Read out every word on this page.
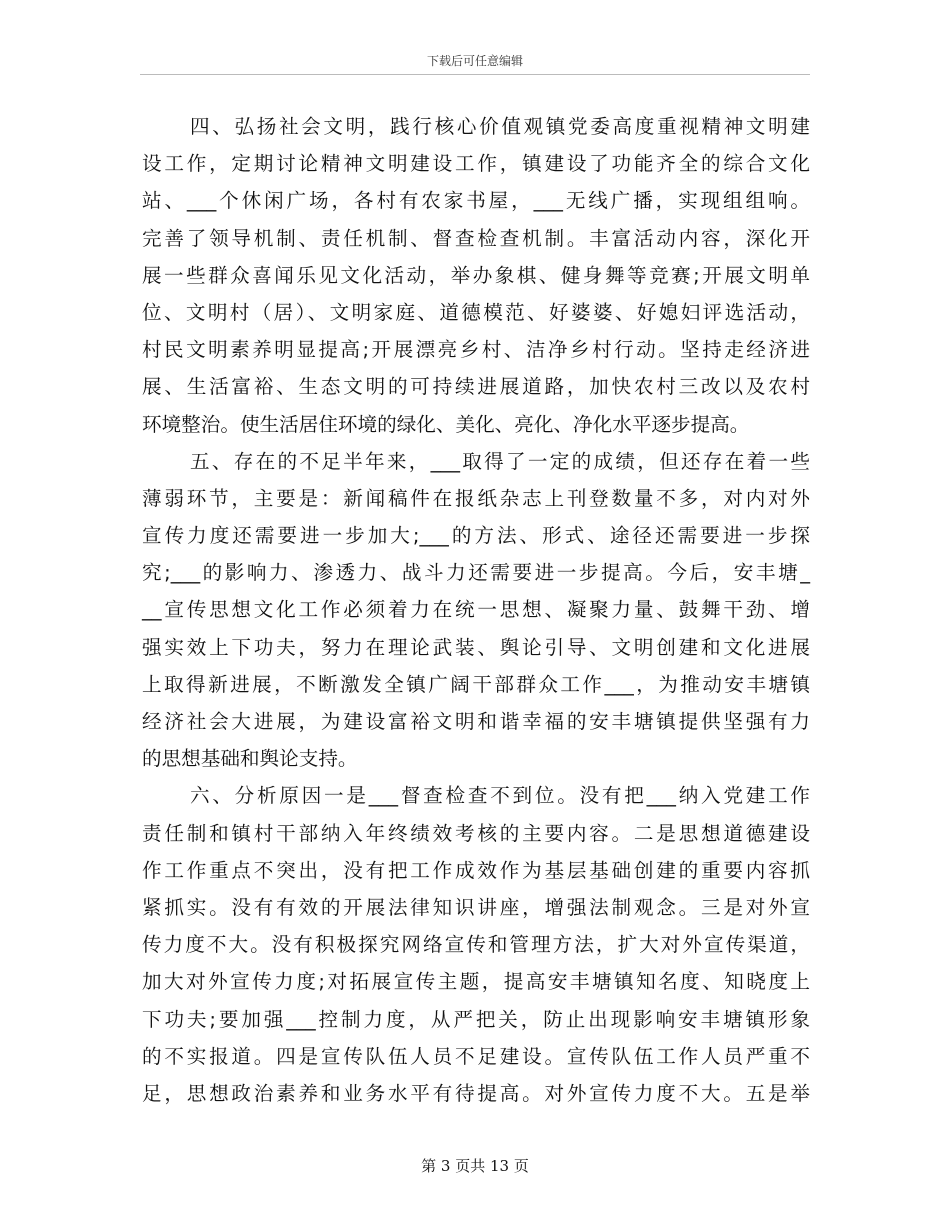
下载后可任意编辑
四、弘扬社会文明，践行核心价值观镇党委高度重视精神文明建
设工作，定期讨论精神文明建设工作，镇建设了功能齐全的综合文化
站、___个休闲广场，各村有农家书屋，___无线广播，实现组组响。
完善了领导机制、责任机制、督查检查机制。丰富活动内容，深化开
展一些群众喜闻乐见文化活动，举办象棋、健身舞等竞赛;开展文明单
位、文明村（居）、文明家庭、道德模范、好婆婆、好媳妇评选活动，
村民文明素养明显提高;开展漂亮乡村、洁净乡村行动。坚持走经济进
展、生活富裕、生态文明的可持续进展道路，加快农村三改以及农村
环境整治。使生活居住环境的绿化、美化、亮化、净化水平逐步提高。
五、存在的不足半年来，___取得了一定的成绩，但还存在着一些
薄弱环节，主要是：新闻稿件在报纸杂志上刊登数量不多，对内对外
宣传力度还需要进一步加大;___的方法、形式、途径还需要进一步探
究;___的影响力、渗透力、战斗力还需要进一步提高。今后，安丰塘_
__宣传思想文化工作必须着力在统一思想、凝聚力量、鼓舞干劲、增
强实效上下功夫，努力在理论武装、舆论引导、文明创建和文化进展
上取得新进展，不断激发全镇广阔干部群众工作___，为推动安丰塘镇
经济社会大进展，为建设富裕文明和谐幸福的安丰塘镇提供坚强有力
的思想基础和舆论支持。
六、分析原因一是___督查检查不到位。没有把___纳入党建工作
责任制和镇村干部纳入年终绩效考核的主要内容。二是思想道德建设
作工作重点不突出，没有把工作成效作为基层基础创建的重要内容抓
紧抓实。没有有效的开展法律知识讲座，增强法制观念。三是对外宣
传力度不大。没有积极探究网络宣传和管理方法，扩大对外宣传渠道，
加大对外宣传力度;对拓展宣传主题，提高安丰塘镇知名度、知晓度上
下功夫;要加强___控制力度，从严把关，防止出现影响安丰塘镇形象
的不实报道。四是宣传队伍人员不足建设。宣传队伍工作人员严重不
足，思想政治素养和业务水平有待提高。对外宣传力度不大。五是举
第 3 页共 13 页
